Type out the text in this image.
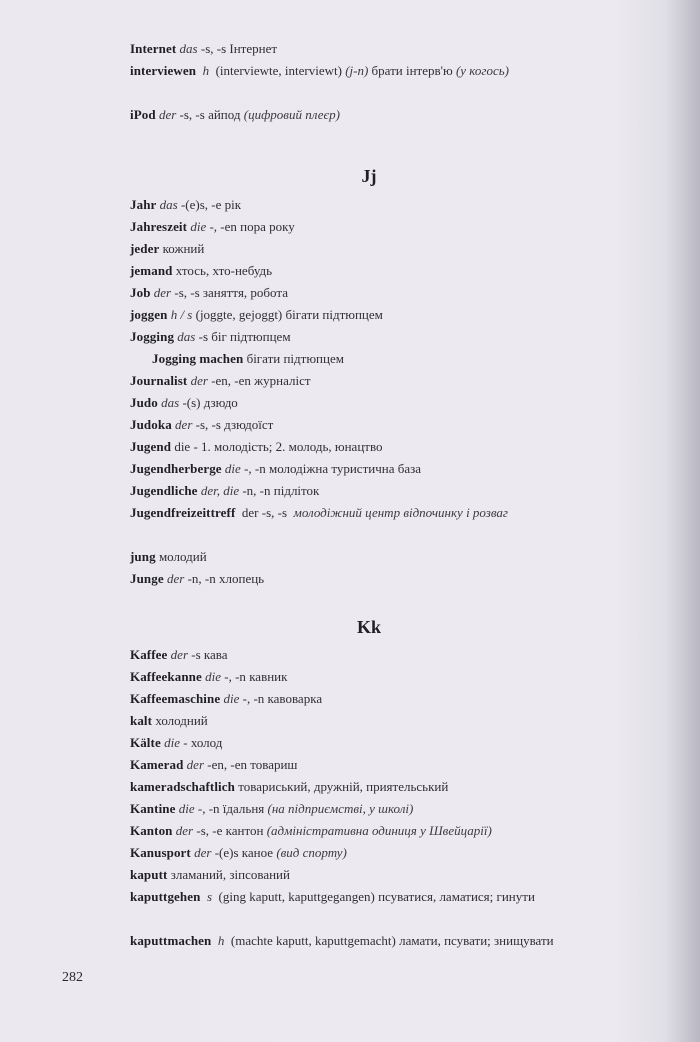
Internet das -s, -s Інтернет
interviewen h (interviewte, interviewt) (j-n) брати інтерв'ю (у когось)
iPod der -s, -s айпод (цифровий плеєр)
Jj
Jahr das -(e)s, -e рік
Jahreszeit die -, -en пора року
jeder кожний
jemand хтось, хто-небудь
Job der -s, -s заняття, робота
joggen h / s (joggte, gejoggt) бігати підтюпцем
Jogging das -s біг підтюпцем
Jogging machen бігати підтюпцем
Journalist der -en, -en журналіст
Judo das -(s) дзюдо
Judoka der -s, -s дзюдоїст
Jugend die - 1. молодість; 2. молодь, юнацтво
Jugendherberge die -, -n молодіжна туристична база
Jugendliche der, die -n, -n підліток
Jugendfreizeittreff der -s, -s молодіжний центр відпочинку і розваг
jung молодий
Junge der -n, -n хлопець
Kk
Kaffee der -s кава
Kaffeekanne die -, -n кавник
Kaffeemaschine die -, -n кавоварка
kalt холодний
Kälte die - холод
Kamerad der -en, -en товариш
kameradschaftlich товариський, дружній, приятельський
Kantine die -, -n їдальня (на підприємстві, у школі)
Kanton der -s, -e кантон (адміністративна одиниця у Швейцарії)
Kanusport der -(e)s каное (вид спорту)
kaputt зламаний, зіпсований
kaputtgehen s (ging kaputt, kaputtgegangen) псуватися, ламатися; гинути
kaputtmachen h (machte kaputt, kaputtgemacht) ламати, псувати; знищувати
282
